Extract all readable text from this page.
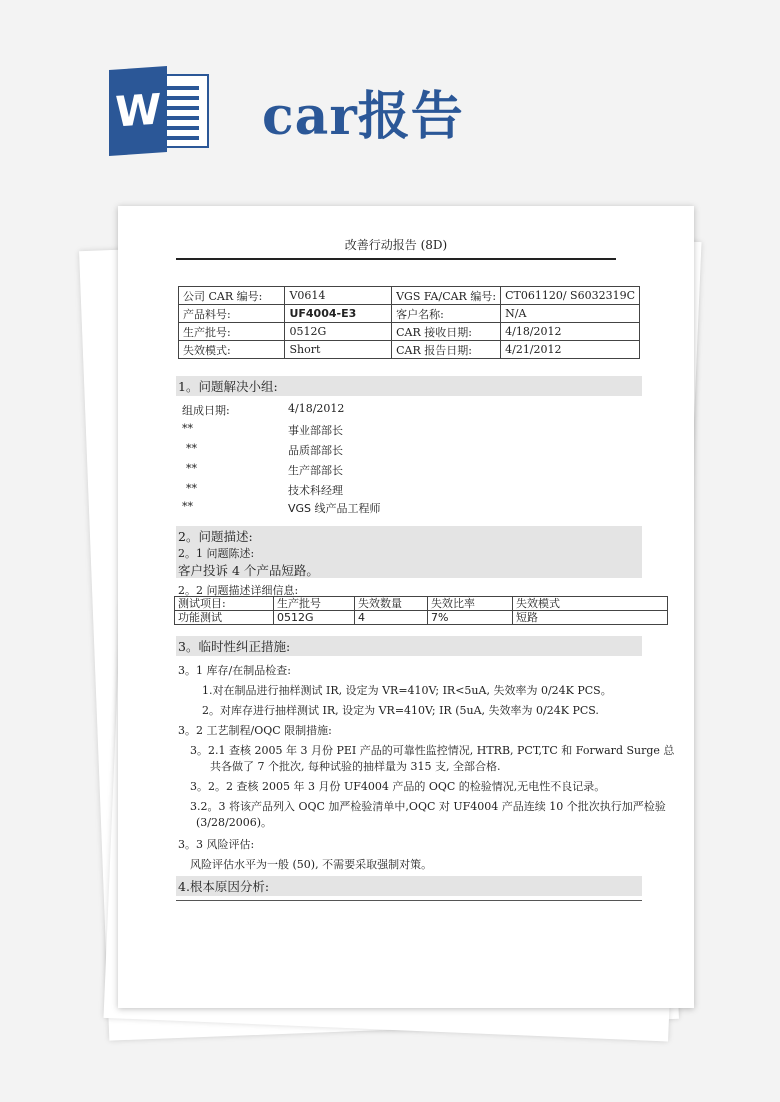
W car报告
改善行动报告 (8D)
公司 CAR 编号:	V0614	VGS FA/CAR 编号:	CT061120/ S6032319C
产品料号:	UF4004-E3	客户名称:	N/A
生产批号:	0512G	CAR 接收日期:	4/18/2012
失效模式:	Short	CAR 报告日期:	4/21/2012
1。问题解决小组:
组成日期:	4/18/2012
**	事业部部长
**	品质部部长
**	生产部部长
**	技术科经理
**	VGS 线产品工程师
2。问题描述:
2。1 问题陈述:
客户投诉 4 个产品短路。
2。2 问题描述详细信息:
测试项目:	生产批号	失效数量	失效比率	失效模式
功能测试	0512G	4	7%	短路
3。临时性纠正措施:
3。1 库存/在制品检查:
1.对在制品进行抽样测试 IR, 设定为 VR=410V; IR<5uA, 失效率为 0/24K PCS。
2。对库存进行抽样测试 IR, 设定为 VR=410V; IR (5uA, 失效率为 0/24K PCS.
3。2 工艺制程/OQC 限制措施:
3。2.1 查核 2005 年 3 月份 PEI 产品的可靠性监控情况, HTRB, PCT,TC 和 Forward Surge 总
共各做了 7 个批次, 每种试验的抽样量为 315 支, 全部合格.
3。2。2 查核 2005 年 3 月份 UF4004 产品的 OQC 的检验情况,无电性不良记录。
3.2。3 将该产品列入 OQC 加严检验清单中,OQC 对 UF4004 产品连续 10 个批次执行加严检验
(3/28/2006)。
3。3 风险评估:
风险评估水平为一般 (50), 不需要采取强制对策。
4.根本原因分析:
